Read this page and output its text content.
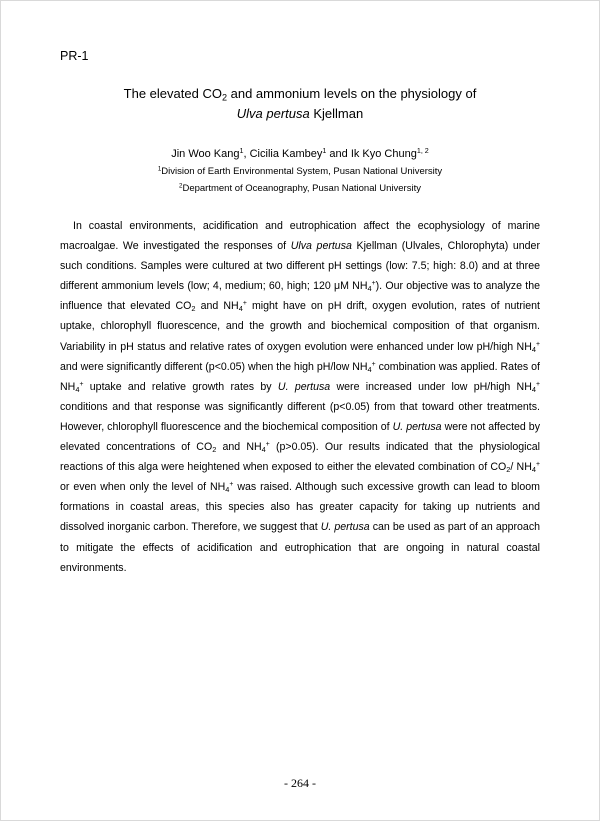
PR-1
The elevated $CO_2$ and ammonium levels on the physiology of
Ulva pertusa Kjellman
Jin Woo Kang$^1$, Cicilia Kambey$^1$ and Ik Kyo Chung$^{1, 2}$
$^1$Division of Earth Environmental System, Pusan National University
$^2$Department of Oceanography, Pusan National University

In coastal environments, acidification and eutrophication affect the ecophysiology of marine macroalgae. We investigated the responses of Ulva pertusa Kjellman (Ulvales, Chlorophyta) under such conditions. Samples were cultured at two different pH settings (low: 7.5; high: 8.0) and at three different ammonium levels (low; 4, medium; 60, high; 120 μM $NH_4^+$). Our objective was to analyze the influence that elevated $CO_2$ and $NH_4^+$ might have on pH drift, oxygen evolution, rates of nutrient uptake, chlorophyll fluorescence, and the growth and biochemical composition of that organism. Variability in pH status and relative rates of oxygen evolution were enhanced under low pH/high $NH_4^+$ and were significantly different (p<0.05) when the high pH/low $NH_4^+$ combination was applied. Rates of $NH_4^+$ uptake and relative growth rates by U. pertusa were increased under low pH/high $NH_4^+$ conditions and that response was significantly different (p<0.05) from that toward other treatments. However, chlorophyll fluorescence and the biochemical composition of U. pertusa were not affected by elevated concentrations of $CO_2$ and $NH_4^+$ (p>0.05). Our results indicated that the physiological reactions of this alga were heightened when exposed to either the elevated combination of $CO_2/$ $NH_4^+$ or even when only the level of $NH_4^+$ was raised. Although such excessive growth can lead to bloom formations in coastal areas, this species also has greater capacity for taking up nutrients and dissolved inorganic carbon. Therefore, we suggest that U. pertusa can be used as part of an approach to mitigate the effects of acidification and eutrophication that are ongoing in natural coastal environments.

- 264 -
